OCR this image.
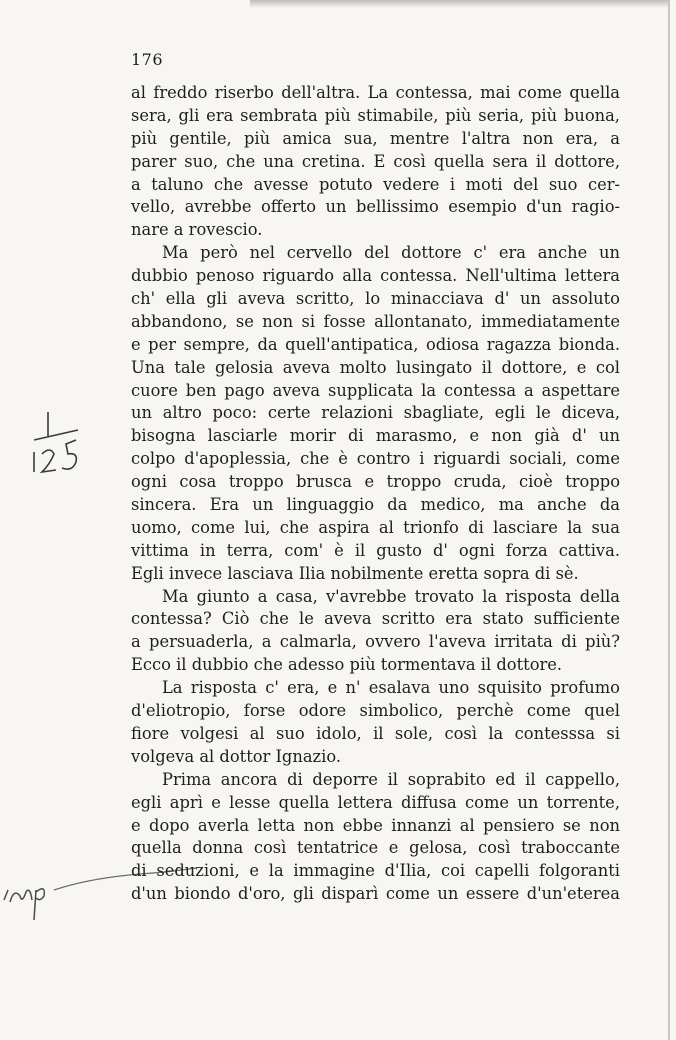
176
al freddo riserbo dell'altra. La contessa, mai come quella
sera, gli era sembrata più stimabile, più seria, più buona,
più gentile, più amica sua, mentre l'altra non era, a
parer suo, che una cretina. E così quella sera il dottore,
a taluno che avesse potuto vedere i moti del suo cer-
vello, avrebbe offerto un bellissimo esempio d'un ragio-
nare a rovescio.
Ma però nel cervello del dottore c' era anche un
dubbio penoso riguardo alla contessa. Nell'ultima lettera
ch' ella gli aveva scritto, lo minacciava d' un assoluto
abbandono, se non si fosse allontanato, immediatamente
e per sempre, da quell'antipatica, odiosa ragazza bionda.
Una tale gelosia aveva molto lusingato il dottore, e col
cuore ben pago aveva supplicata la contessa a aspettare
un altro poco: certe relazioni sbagliate, egli le diceva,
bisogna lasciarle morir di marasmo, e non già d' un
colpo d'apoplessia, che è contro i riguardi sociali, come
ogni cosa troppo brusca e troppo cruda, cioè troppo
sincera. Era un linguaggio da medico, ma anche da
uomo, come lui, che aspira al trionfo di lasciare la sua
vittima in terra, com' è il gusto d' ogni forza cattiva.
Egli invece lasciava Ilia nobilmente eretta sopra di sè.
Ma giunto a casa, v'avrebbe trovato la risposta della
contessa? Ciò che le aveva scritto era stato sufficiente
a persuaderla, a calmarla, ovvero l'aveva irritata di più?
Ecco il dubbio che adesso più tormentava il dottore.
La risposta c' era, e n' esalava uno squisito profumo
d'eliotropio, forse odore simbolico, perchè come quel
fiore volgesi al suo idolo, il sole, così la contesssa si
volgeva al dottor Ignazio.
Prima ancora di deporre il soprabito ed il cappello,
egli aprì e lesse quella lettera diffusa come un torrente,
e dopo averla letta non ebbe innanzi al pensiero se non
quella donna così tentatrice e gelosa, così traboccante
di seduzioni, e la immagine d'Ilia, coi capelli folgoranti
d'un biondo d'oro, gli disparì come un essere d'un'eterea
